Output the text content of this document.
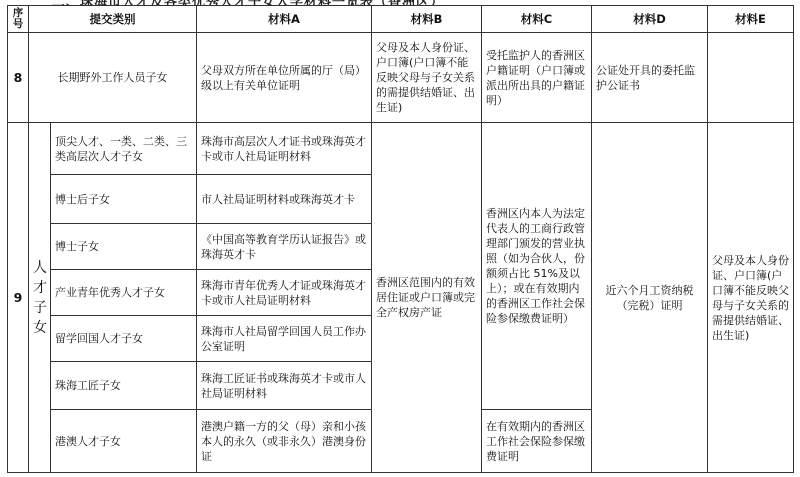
序号	提交类别		材料A	材料B	材料C	材料D	材料E
8	长期野外工作人员子女		父母双方所在单位所属的厅（局）级以上有关单位证明	父母及本人身份证、户口簿(户口簿不能反映父母与子女关系的需提供结婚证、出生证)	受托监护人的香洲区户籍证明（户口簿或派出所出具的户籍证明）	公证处开具的委托监护公证书	
9	人才子女	顶尖人才、一类、二类、三类高层次人才子女	珠海市高层次人才证书或珠海英才卡或市人社局证明材料	香洲区范围内的有效居住证或户口簿或完全产权房产证	香洲区内本人为法定代表人的工商行政管理部门颁发的营业执照（如为合伙人，份额须占比 51%及以上）；或在有效期内的香洲区工作社会保险参保缴费证明）	近六个月工资纳税（完税）证明	父母及本人身份证、户口簿(户口簿不能反映父母与子女关系的需提供结婚证、出生证)
		博士后子女	市人社局证明材料或珠海英才卡				
		博士子女	《中国高等教育学历认证报告》或珠海英才卡				
		产业青年优秀人才子女	珠海市青年优秀人才证或珠海英才卡或市人社局证明材料				
		留学回国人才子女	珠海市人社局留学回国人员工作办公室证明				
		珠海工匠子女	珠海工匠证书或珠海英才卡或市人社局证明材料				
		港澳人才子女	港澳户籍一方的父（母）亲和小孩本人的永久（或非永久）港澳身份证		在有效期内的香洲区工作社会保险参保缴费证明		
